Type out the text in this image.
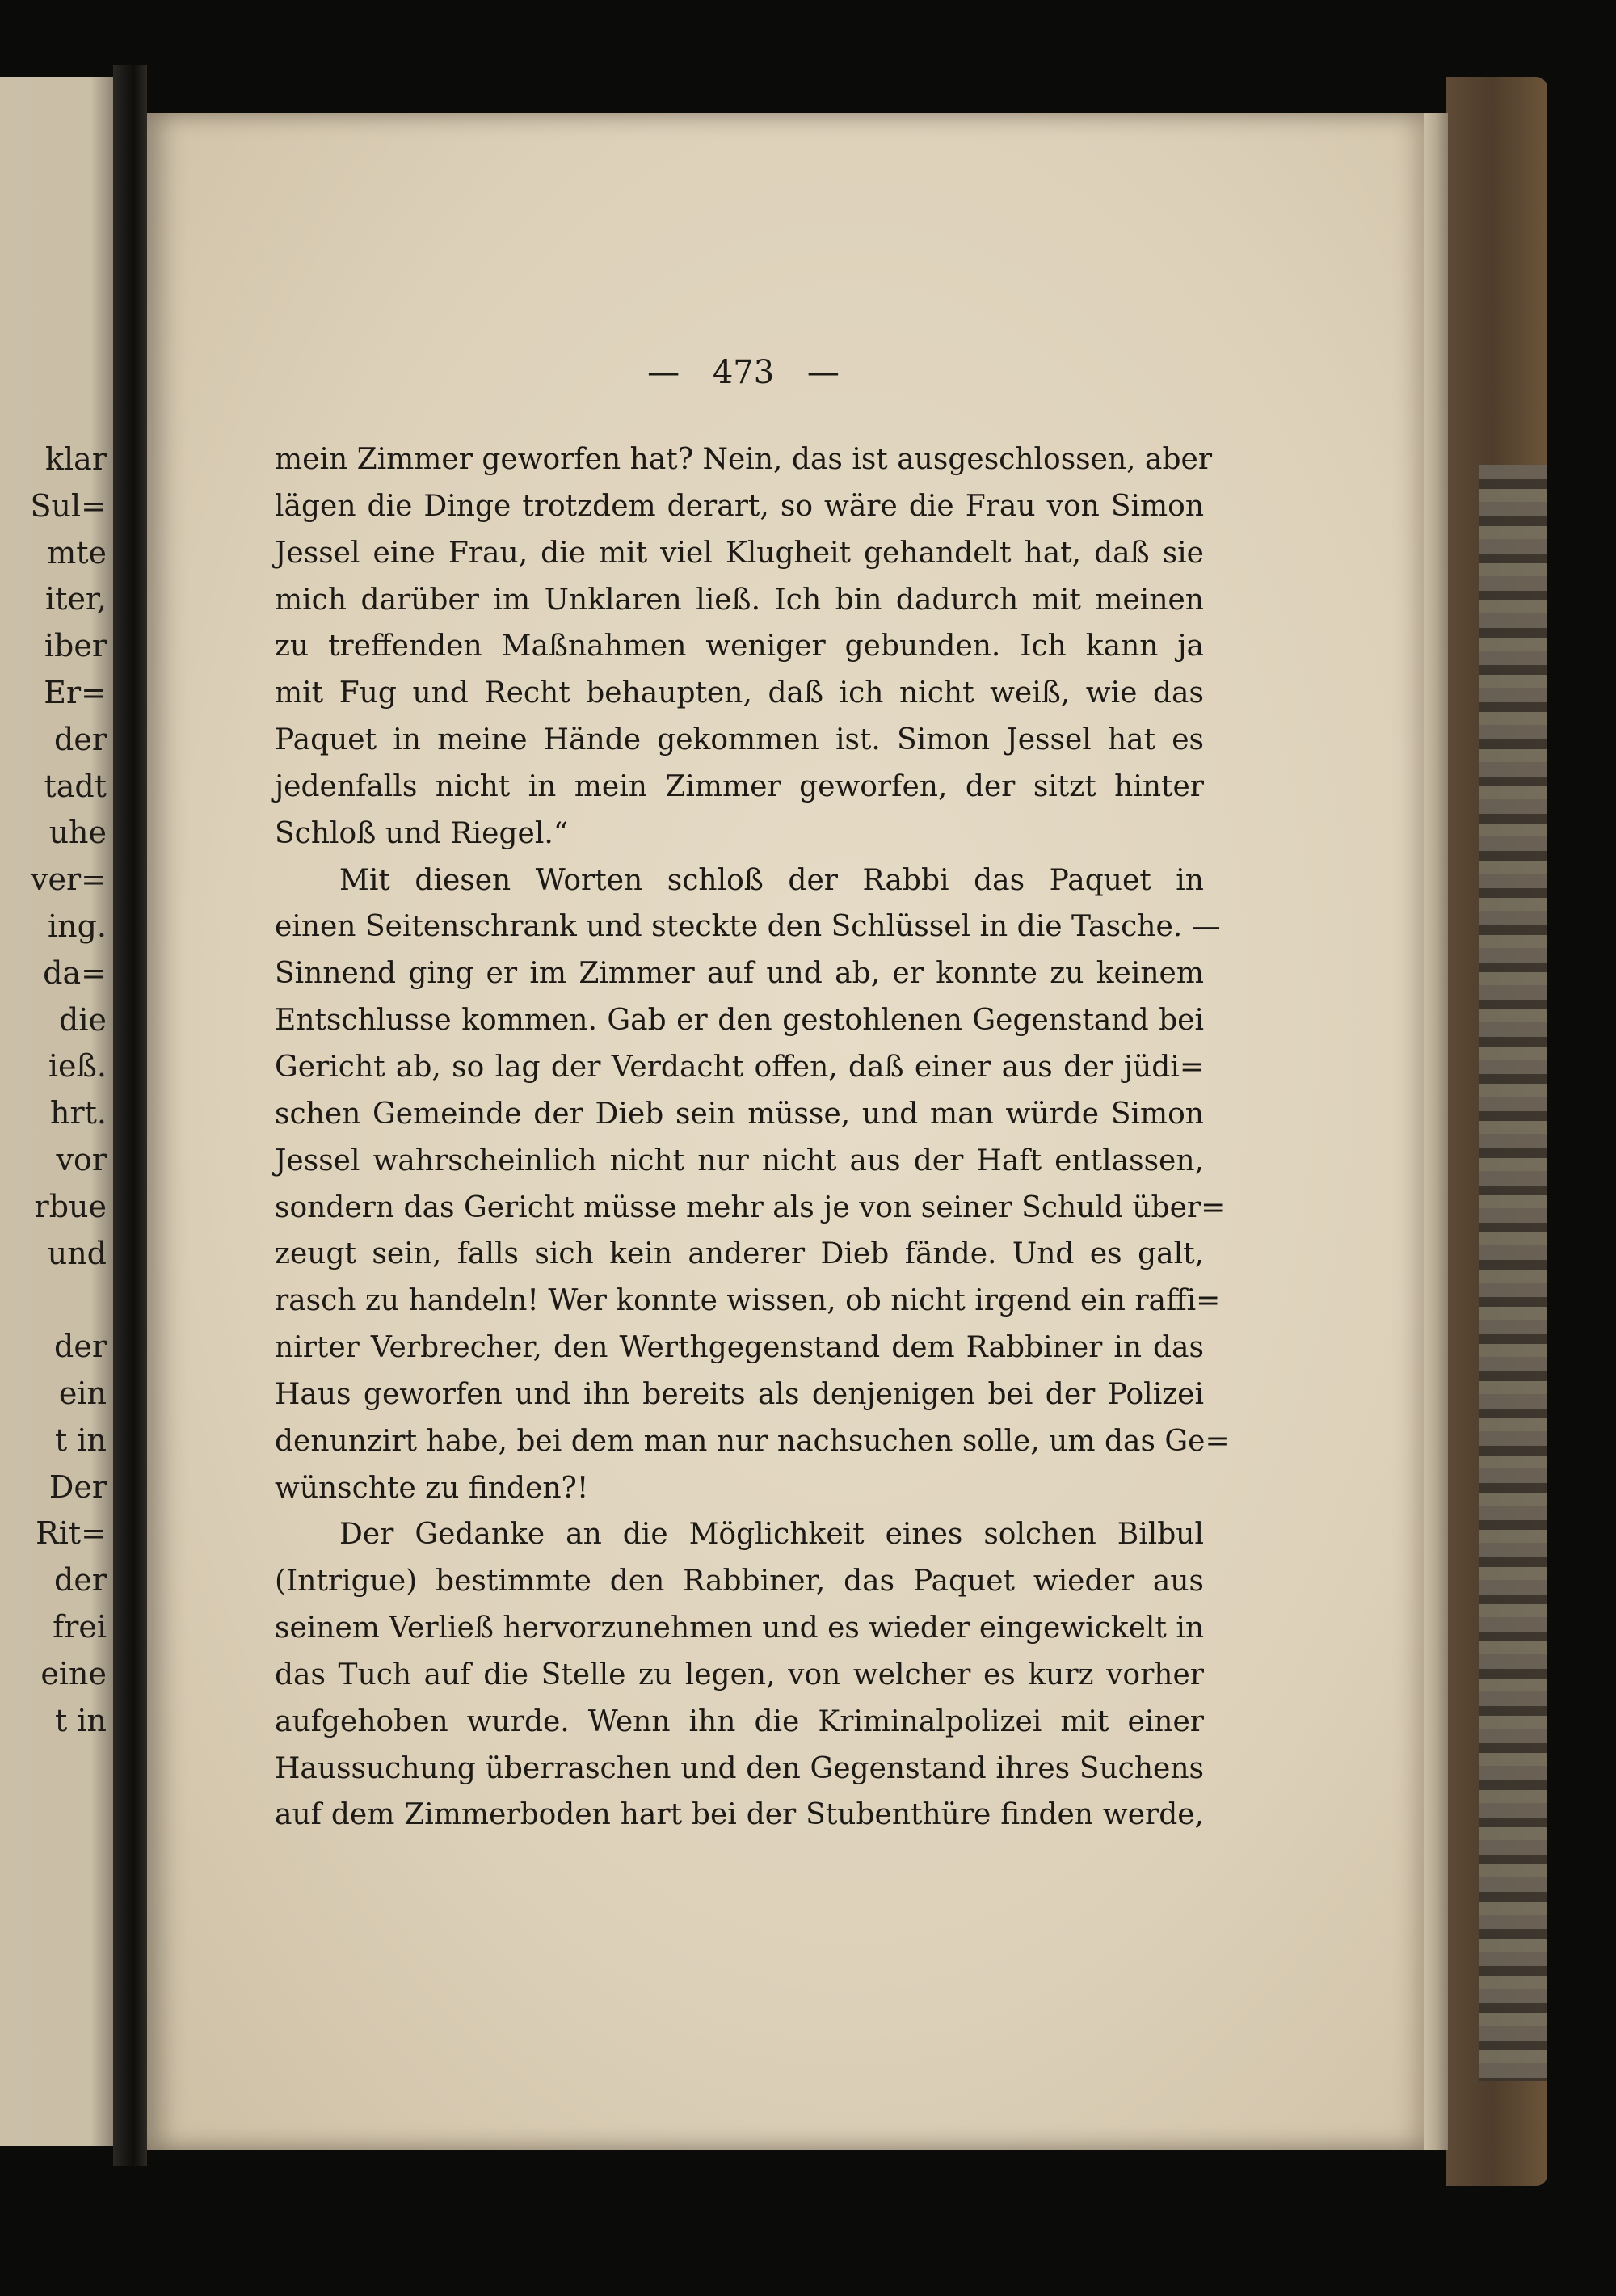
klar
Sul=
mte
iter,
iber
Er=
der
tadt
uhe
ver=
ing.
da=
die
ieß.
hrt.
vor
rbue
und
der
ein
t in
Der
Rit=
der
frei
eine
t in
— 473 —
mein Zimmer geworfen hat? Nein, das ist ausgeschlossen, aber
lägen die Dinge trotzdem derart, so wäre die Frau von Simon
Jessel eine Frau, die mit viel Klugheit gehandelt hat, daß sie
mich darüber im Unklaren ließ. Ich bin dadurch mit meinen
zu treffenden Maßnahmen weniger gebunden. Ich kann ja
mit Fug und Recht behaupten, daß ich nicht weiß, wie das
Paquet in meine Hände gekommen ist. Simon Jessel hat es
jedenfalls nicht in mein Zimmer geworfen, der sitzt hinter
Schloß und Riegel.“
Mit diesen Worten schloß der Rabbi das Paquet in
einen Seitenschrank und steckte den Schlüssel in die Tasche. —
Sinnend ging er im Zimmer auf und ab, er konnte zu keinem
Entschlusse kommen. Gab er den gestohlenen Gegenstand bei
Gericht ab, so lag der Verdacht offen, daß einer aus der jüdi=
schen Gemeinde der Dieb sein müsse, und man würde Simon
Jessel wahrscheinlich nicht nur nicht aus der Haft entlassen,
sondern das Gericht müsse mehr als je von seiner Schuld über=
zeugt sein, falls sich kein anderer Dieb fände. Und es galt,
rasch zu handeln! Wer konnte wissen, ob nicht irgend ein raffi=
nirter Verbrecher, den Werthgegenstand dem Rabbiner in das
Haus geworfen und ihn bereits als denjenigen bei der Polizei
denunzirt habe, bei dem man nur nachsuchen solle, um das Ge=
wünschte zu finden?!
Der Gedanke an die Möglichkeit eines solchen Bilbul
(Intrigue) bestimmte den Rabbiner, das Paquet wieder aus
seinem Verließ hervorzunehmen und es wieder eingewickelt in
das Tuch auf die Stelle zu legen, von welcher es kurz vorher
aufgehoben wurde. Wenn ihn die Kriminalpolizei mit einer
Haussuchung überraschen und den Gegenstand ihres Suchens
auf dem Zimmerboden hart bei der Stubenthüre finden werde,
